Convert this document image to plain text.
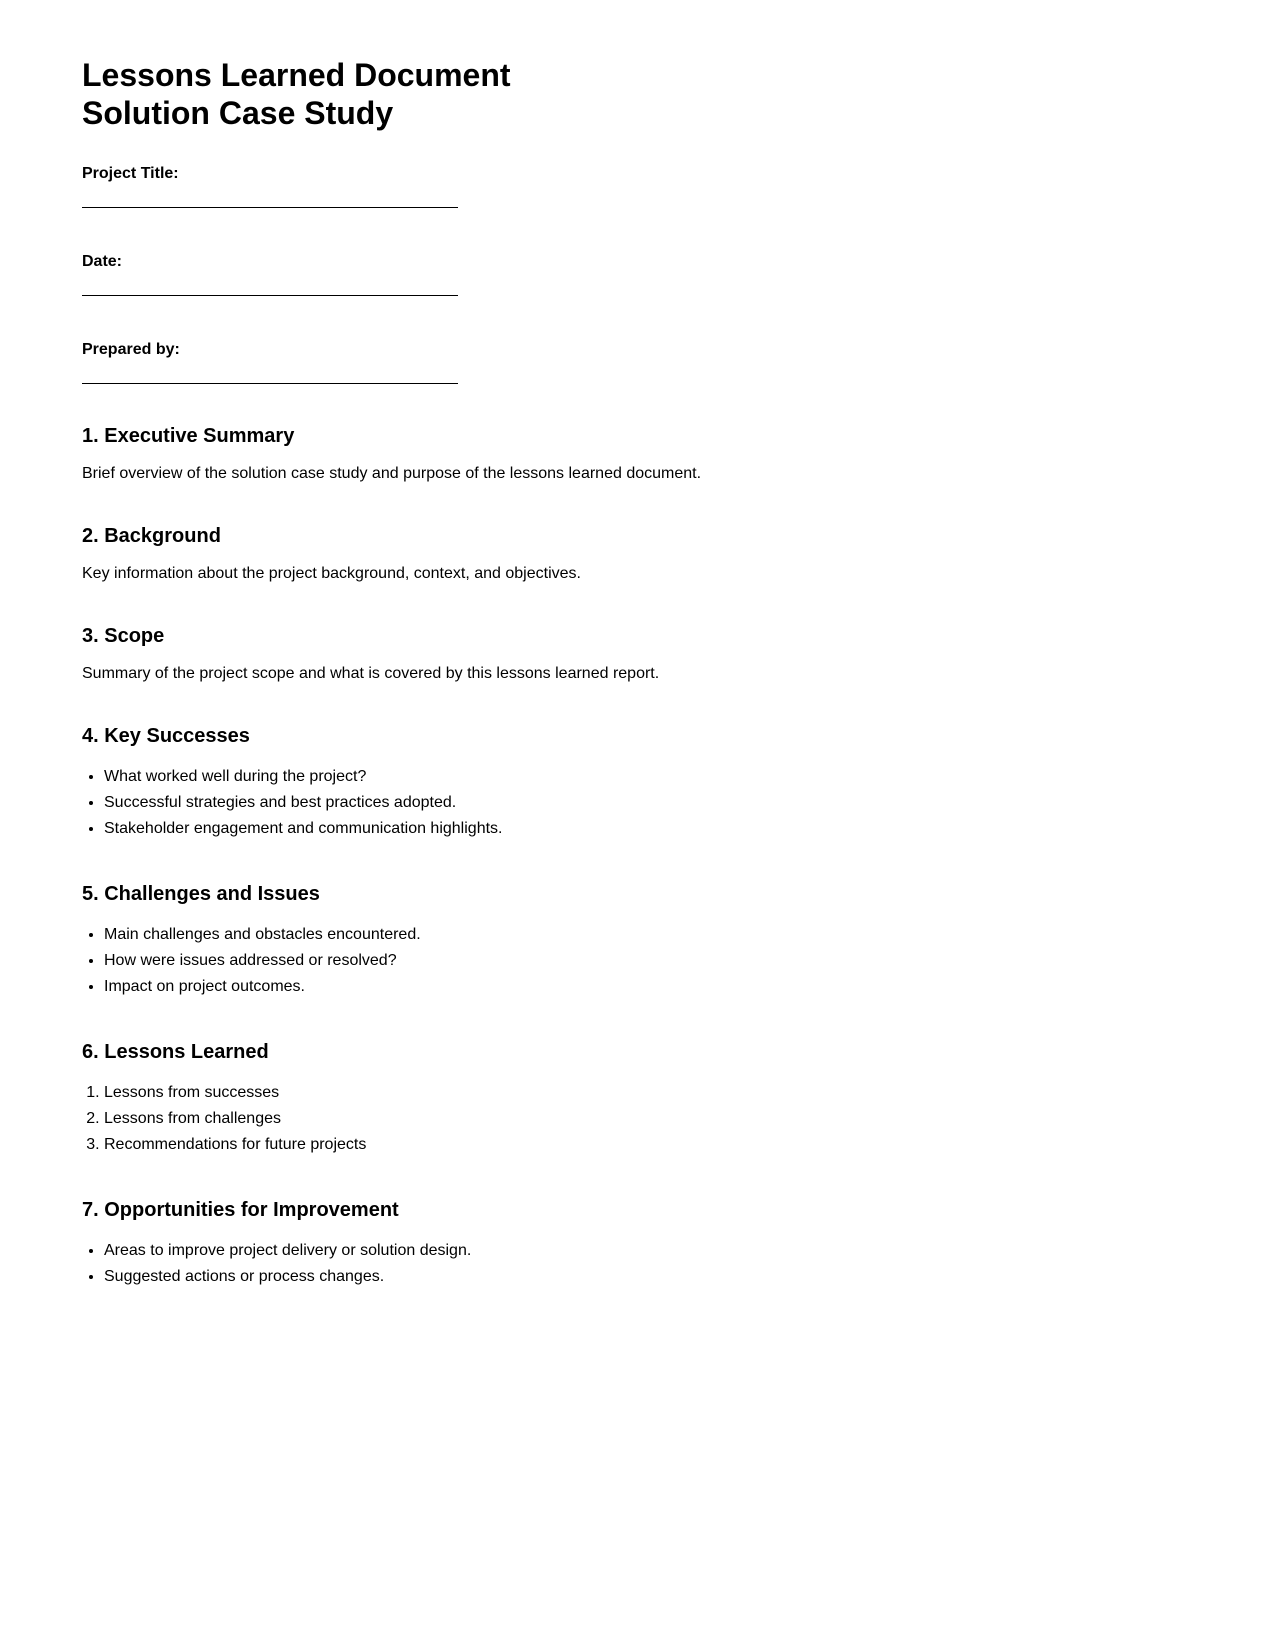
Lessons Learned Document
Solution Case Study

Project Title:

Date:

Prepared by:

1. Executive Summary

Brief overview of the solution case study and purpose of the lessons learned document.

2. Background

Key information about the project background, context, and objectives.

3. Scope

Summary of the project scope and what is covered by this lessons learned report.

4. Key Successes
• What worked well during the project?
• Successful strategies and best practices adopted.
• Stakeholder engagement and communication highlights.
5. Challenges and Issues
• Main challenges and obstacles encountered.
• How were issues addressed or resolved?
• Impact on project outcomes.
6. Lessons Learned
1. Lessons from successes
2. Lessons from challenges
3. Recommendations for future projects
7. Opportunities for Improvement
• Areas to improve project delivery or solution design.
• Suggested actions or process changes.
